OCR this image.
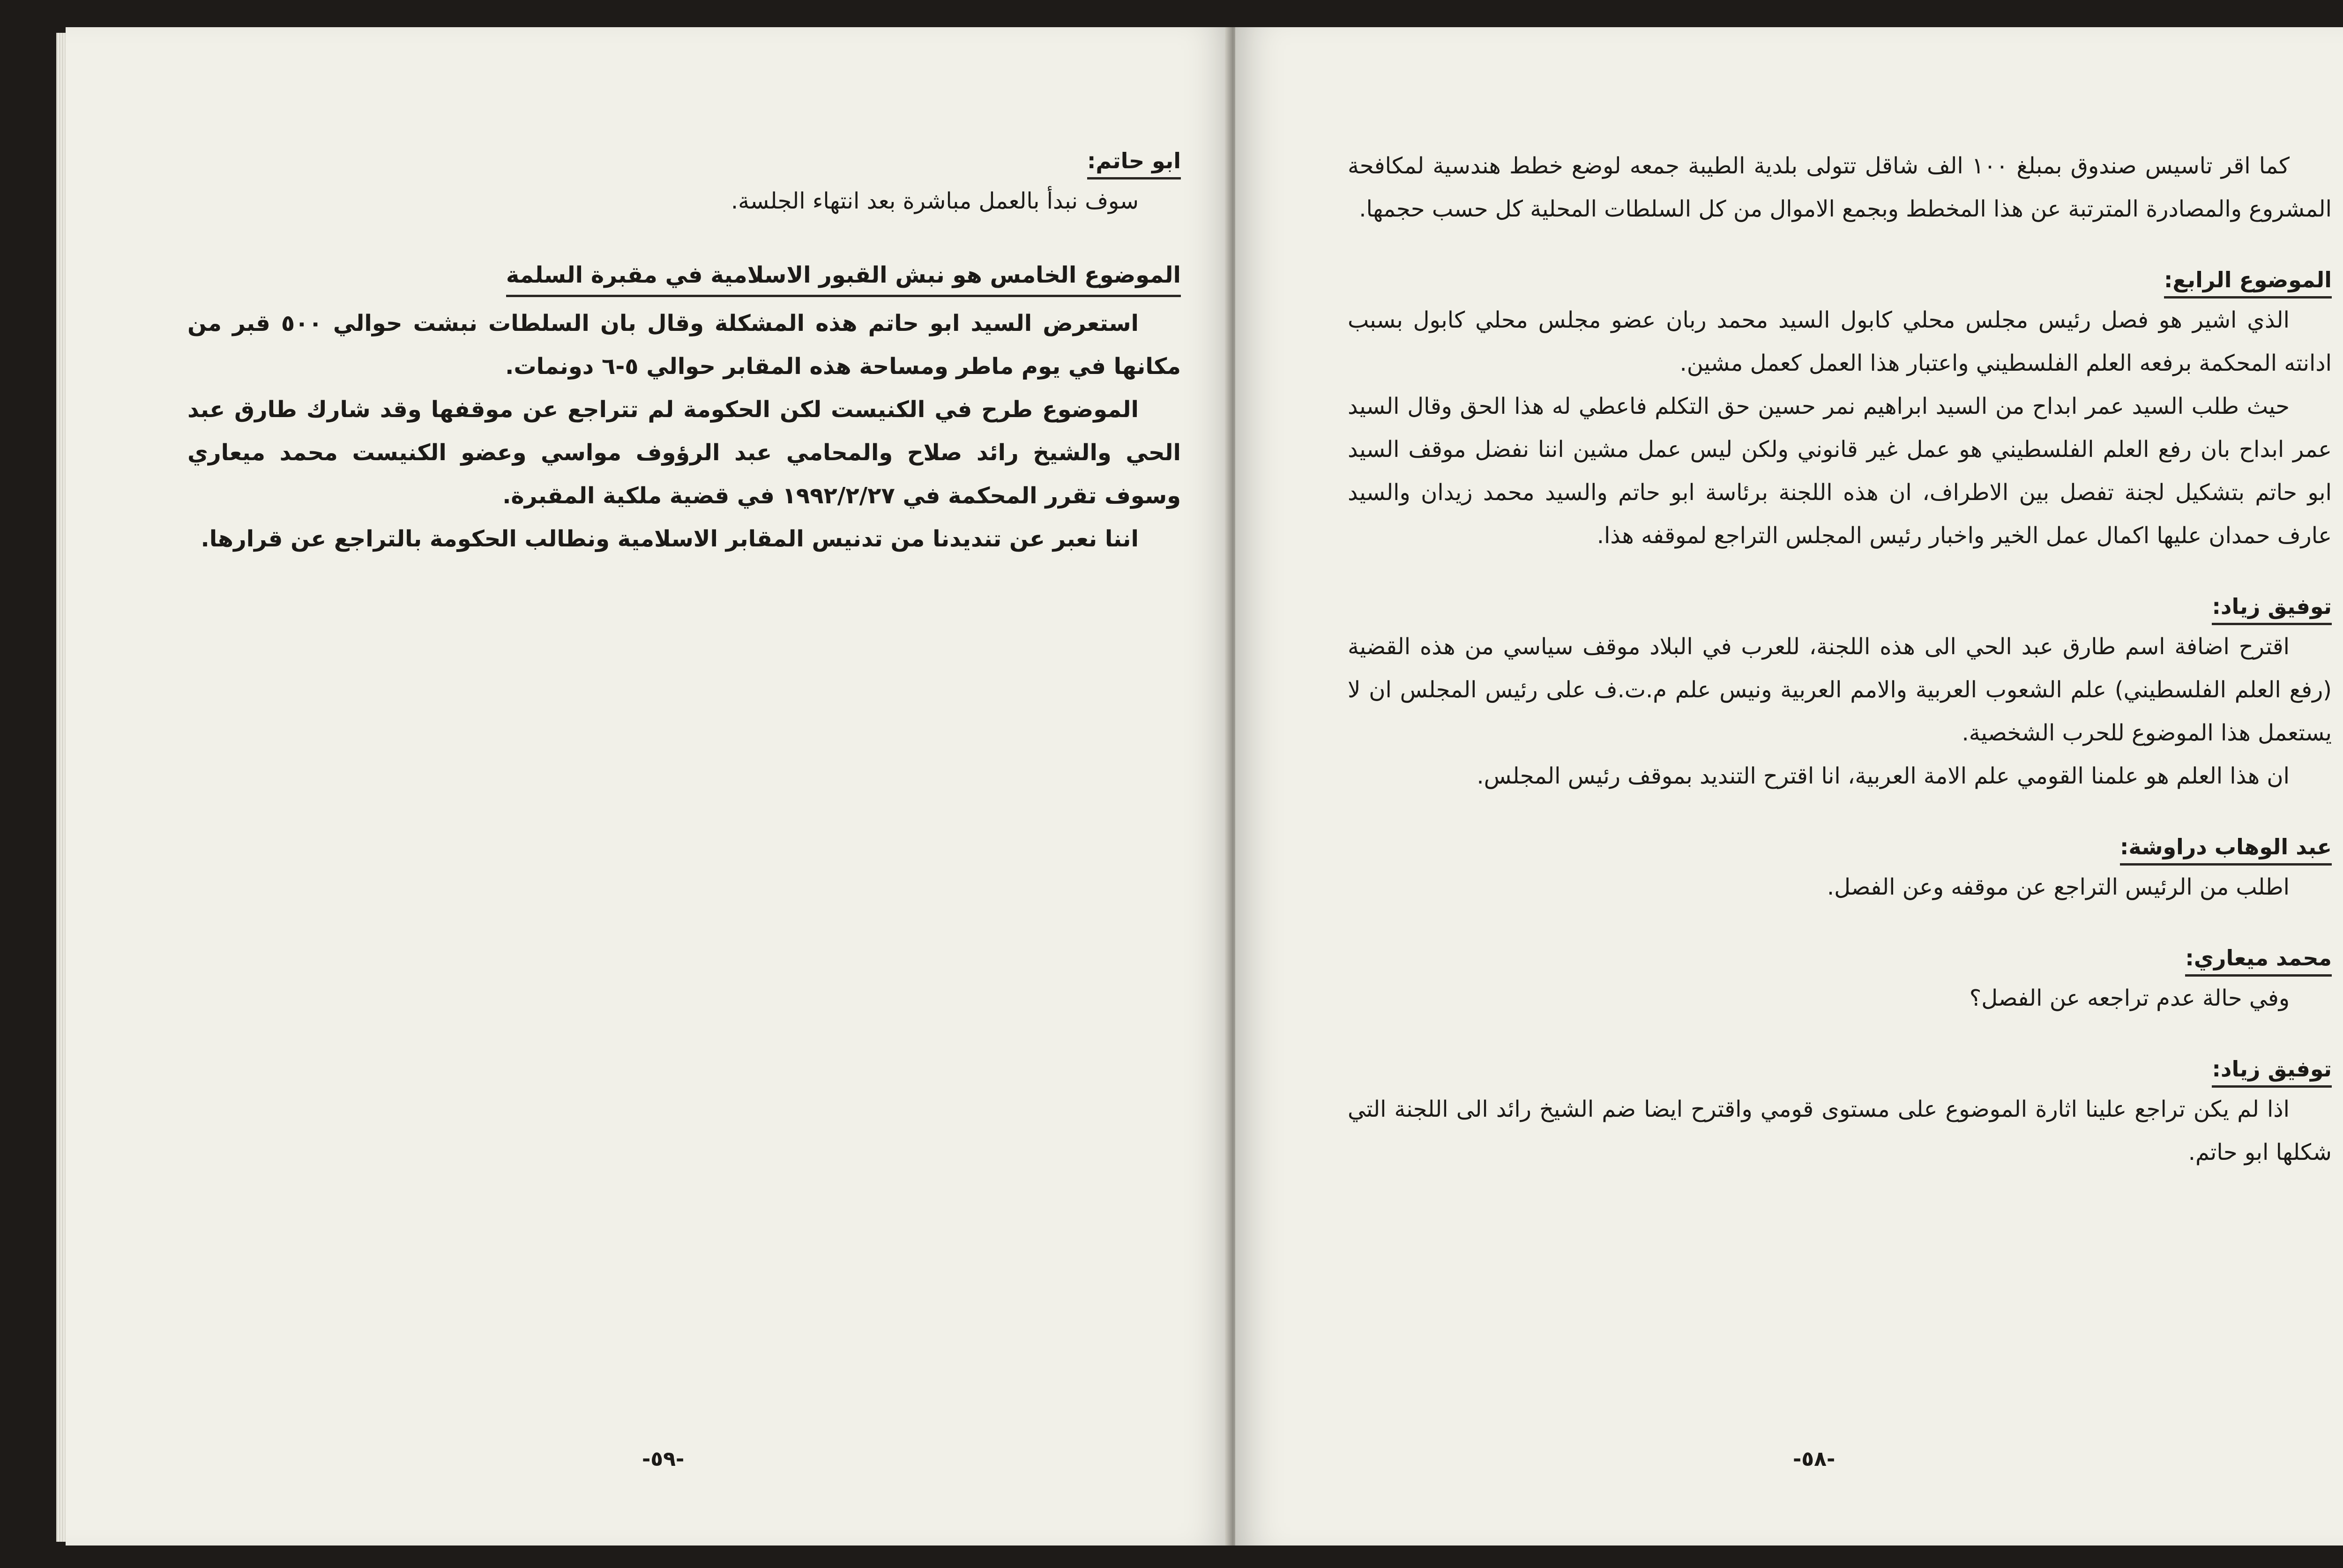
ابو حاتم:

سوف نبدأ بالعمل مباشرة بعد انتهاء الجلسة.

الموضوع الخامس هو نبش القبور الاسلامية في مقبرة السلمة

استعرض السيد ابو حاتم هذه المشكلة وقال بان السلطات نبشت حوالي ٥٠٠ قبر من مكانها في يوم ماطر ومساحة هذه المقابر حوالي ٥-٦ دونمات.

الموضوع طرح في الكنيست لكن الحكومة لم تتراجع عن موقفها وقد شارك طارق عبد الحي والشيخ رائد صلاح والمحامي عبد الرؤوف مواسي وعضو الكنيست محمد ميعاري وسوف تقرر المحكمة في ١٩٩٢/٢/٢٧ في قضية ملكية المقبرة.

اننا نعبر عن تنديدنا من تدنيس المقابر الاسلامية ونطالب الحكومة بالتراجع عن قرارها.

-٥٩-

كما اقر تاسيس صندوق بمبلغ ١٠٠ الف شاقل تتولى بلدية الطيبة جمعه لوضع خطط هندسية لمكافحة المشروع والمصادرة المترتبة عن هذا المخطط وبجمع الاموال من كل السلطات المحلية كل حسب حجمها.

الموضوع الرابع:

الذي اشير هو فصل رئيس مجلس محلي كابول السيد محمد ربان عضو مجلس محلي كابول بسبب ادانته المحكمة برفعه العلم الفلسطيني واعتبار هذا العمل كعمل مشين.

حيث طلب السيد عمر ابداح من السيد ابراهيم نمر حسين حق التكلم فاعطي له هذا الحق وقال السيد عمر ابداح بان رفع العلم الفلسطيني هو عمل غير قانوني ولكن ليس عمل مشين اننا نفضل موقف السيد ابو حاتم بتشكيل لجنة تفصل بين الاطراف، ان هذه اللجنة برئاسة ابو حاتم والسيد محمد زيدان والسيد عارف حمدان عليها اكمال عمل الخير واخبار رئيس المجلس التراجع لموقفه هذا.

توفيق زياد:

اقترح اضافة اسم طارق عبد الحي الى هذه اللجنة، للعرب في البلاد موقف سياسي من هذه القضية (رفع العلم الفلسطيني) علم الشعوب العربية والامم العربية ونيس علم م.ت.ف على رئيس المجلس ان لا يستعمل هذا الموضوع للحرب الشخصية.

ان هذا العلم هو علمنا القومي علم الامة العربية، انا اقترح التنديد بموقف رئيس المجلس.

عبد الوهاب دراوشة:

اطلب من الرئيس التراجع عن موقفه وعن الفصل.

محمد ميعاري:

وفي حالة عدم تراجعه عن الفصل؟

توفيق زياد:

اذا لم يكن تراجع علينا اثارة الموضوع على مستوى قومي واقترح ايضا ضم الشيخ رائد الى اللجنة التي شكلها ابو حاتم.

-٥٨-
